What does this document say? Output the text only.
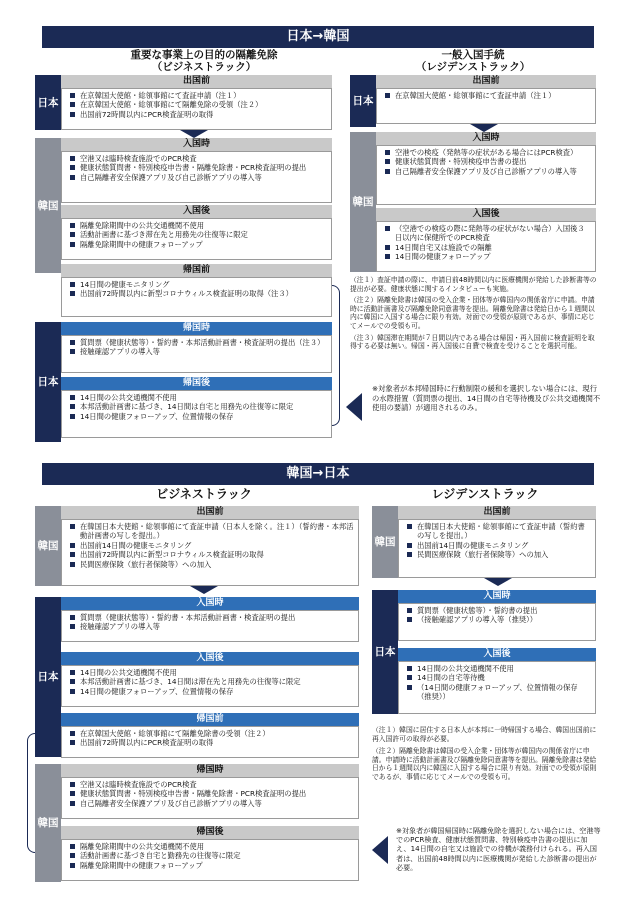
日本→韓国
重要な事業上の目的の隔離免除
（ビジネストラック）
一般入国手続
（レジデンストラック）
日本
出国前
在京韓国大使館・総領事館にて査証申請（注１）
在京韓国大使館・総領事館にて隔離免除の受領（注２）
出国前72時間以内にPCR検査証明の取得
韓国
入国時
空港又は臨時検査施設でのPCR検査
健康状態質問書・特別検疫申告書・隔離免除書・PCR検査証明の提出
自己隔離者安全保護アプリ及び自己診断アプリの導入等
入国後
隔離免除期間中の公共交通機関不使用
活動計画書に基づき滞在先と用務先の往復等に限定
隔離免除期間中の健康フォローアップ
帰国前
14日間の健康モニタリング
出国前72時間以内に新型コロナウィルス検査証明の取得（注３）
日本
帰国時
質問票（健康状態等）・誓約書・本邦活動計画書・検査証明の提出（注３）
接触確認アプリの導入等
帰国後
14日間の公共交通機関不使用
本邦活動計画書に基づき、14日間は自宅と用務先の往復等に限定
14日間の健康フォローアップ、位置情報の保存
日本
出国前
在京韓国大使館・総領事館にて査証申請（注１）
韓国
入国時
空港での検疫（発熱等の症状がある場合にはPCR検査）
健康状態質問書・特別検疫申告書の提出
自己隔離者安全保護アプリ及び自己診断アプリの導入等
入国後
（空港での検疫の際に発熱等の症状がない場合）入国後３日以内に保健所でのPCR検査
14日間自宅又は施設での隔離
14日間の健康フォローアップ
（注１）査証申請の際に、申請日前48時間以内に医療機関が発給した診断書等の提出が必要。健康状態に関するインタビューも実施。
（注２）隔離免除書は韓国の受入企業・団体等が韓国内の関係省庁に申請。申請時に活動計画書及び隔離免除同意書等を提出。隔離免除書は発給日から１週間以内に韓国に入国する場合に限り有効。対面での受領が原則であるが、事情に応じてメールでの受領も可。
（注３）韓国滞在期間が７日間以内である場合は帰国・再入国前に検査証明を取得する必要は無い。帰国・再入国後に自費で検査を受けることを選択可能。
※対象者が本邦帰国時に行動制限の緩和を選択しない場合には、現行の水際措置（質問票の提出、14日間の自宅等待機及び公共交通機関不使用の要請）が適用されるのみ。
韓国→日本
ビジネストラック	レジデンストラック
韓国
出国前
在韓国日本大使館・総領事館にて査証申請（日本人を除く。注１）（誓約書・本邦活動計画書の写しを提出。）
出国前14日間の健康モニタリング
出国前72時間以内に新型コロナウィルス検査証明の取得
民間医療保険（旅行者保険等）への加入
日本
入国時
質問票（健康状態等）・誓約書・本邦活動計画書・検査証明の提出
接触確認アプリの導入等
入国後
14日間の公共交通機関不使用
本邦活動計画書に基づき、14日間は滞在先と用務先の往復等に限定
14日間の健康フォローアップ、位置情報の保存
帰国前
在京韓国大使館・総領事館にて隔離免除書の受領（注２）
出国前72時間以内にPCR検査証明の取得
韓国
帰国時
空港又は臨時検査施設でのPCR検査
健康状態質問書・特別検疫申告書・隔離免除書・PCR検査証明の提出
自己隔離者安全保護アプリ及び自己診断アプリの導入等
帰国後
隔離免除期間中の公共交通機関不使用
活動計画書に基づき自宅と勤務先の往復等に限定
隔離免除期間中の健康フォローアップ
韓国
出国前
在韓国日本大使館・総領事館にて査証申請（誓約書の写しを提出。）
出国前14日間の健康モニタリング
民間医療保険（旅行者保険等）への加入
日本
入国時
質問票（健康状態等）・誓約書の提出
（接触確認アプリの導入等（推奨））
入国後
14日間の公共交通機関不使用
14日間の自宅等待機
（14日間の健康フォローアップ、位置情報の保存（推奨））
（注１）韓国に居住する日本人が本邦に一時帰国する場合、韓国出国前に再入国許可の取得が必要。
（注２）隔離免除書は韓国の受入企業・団体等が韓国内の関係省庁に申請。申請時に活動計画書及び隔離免除同意書等を提出。隔離免除書は発給日から１週間以内に韓国に入国する場合に限り有効。対面での受領が原則であるが、事情に応じてメールでの受領も可。
※対象者が韓国帰国時に隔離免除を選択しない場合には、空港等でのPCR検査、健康状態質問書、特別検疫申告書の提出に加え、14日間の自宅又は施設での待機が義務付けられる。再入国者は、出国前48時間以内に医療機関が発給した診断書の提出が必要。
